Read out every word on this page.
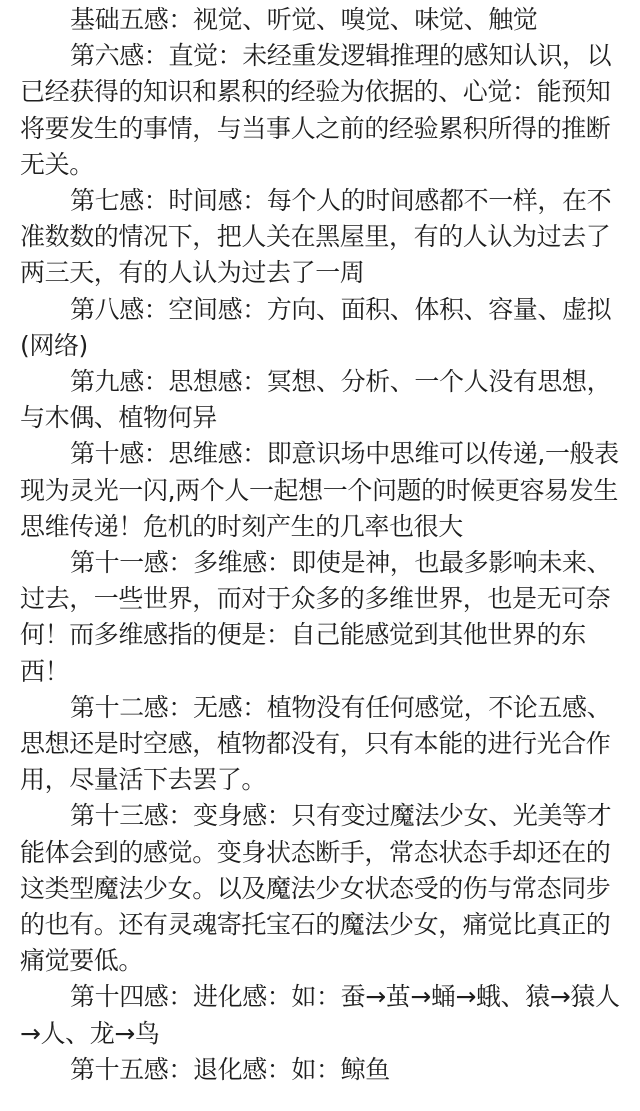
基础五感：视觉、听觉、嗅觉、味觉、触觉

第六感：直觉：未经重发逻辑推理的感知认识，以已经获得的知识和累积的经验为依据的、心觉：能预知将要发生的事情，与当事人之前的经验累积所得的推断无关。

第七感：时间感：每个人的时间感都不一样，在不准数数的情况下，把人关在黑屋里，有的人认为过去了两三天，有的人认为过去了一周

第八感：空间感：方向、面积、体积、容量、虚拟(网络)

第九感：思想感：冥想、分析、一个人没有思想，与木偶、植物何异

第十感：思维感：即意识场中思维可以传递,一般表现为灵光一闪,两个人一起想一个问题的时候更容易发生思维传递！危机的时刻产生的几率也很大

第十一感：多维感：即使是神，也最多影响未来、过去，一些世界，而对于众多的多维世界，也是无可奈何！而多维感指的便是：自己能感觉到其他世界的东西！

第十二感：无感：植物没有任何感觉，不论五感、思想还是时空感，植物都没有，只有本能的进行光合作用，尽量活下去罢了。

第十三感：变身感：只有变过魔法少女、光美等才能体会到的感觉。变身状态断手，常态状态手却还在的这类型魔法少女。以及魔法少女状态受的伤与常态同步的也有。还有灵魂寄托宝石的魔法少女，痛觉比真正的痛觉要低。

第十四感：进化感：如：蚕→茧→蛹→蛾、猿→猿人→人、龙→鸟

第十五感：退化感：如：鲸鱼
